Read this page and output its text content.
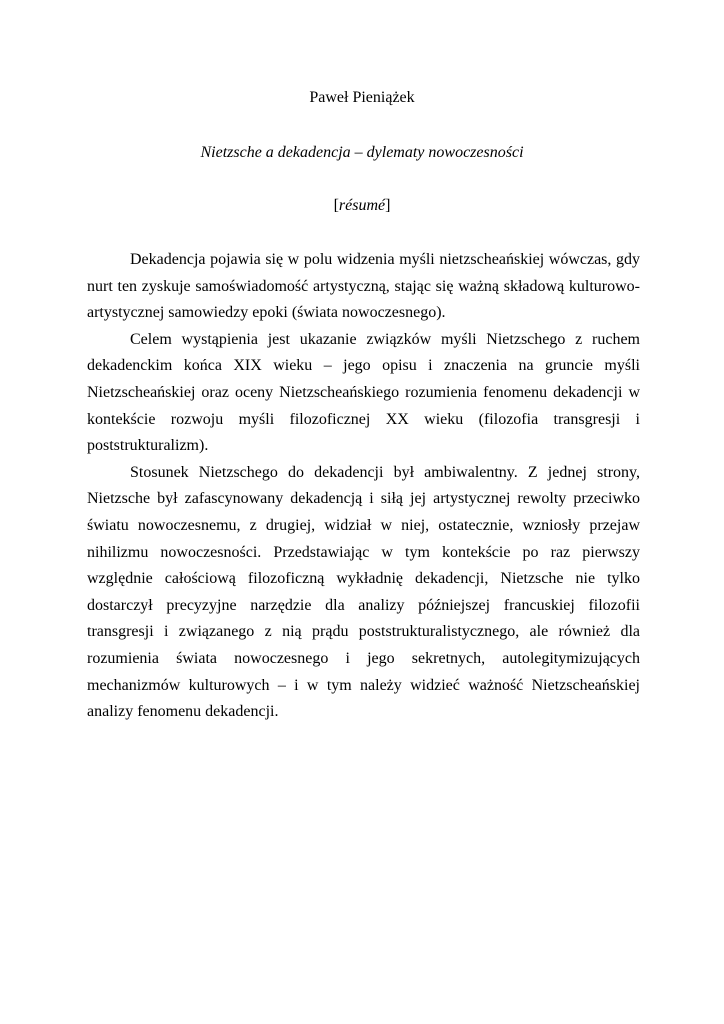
Paweł Pieniążek
Nietzsche a dekadencja – dylematy nowoczesności
[résumé]

Dekadencja pojawia się w polu widzenia myśli nietzscheańskiej wówczas, gdy nurt ten zyskuje samoświadomość artystyczną, stając się ważną składową kulturowo-artystycznej samowiedzy epoki (świata nowoczesnego).

Celem wystąpienia jest ukazanie związków myśli Nietzschego z ruchem dekadenckim końca XIX wieku – jego opisu i znaczenia na gruncie myśli Nietzscheańskiej oraz oceny Nietzscheańskiego rozumienia fenomenu dekadencji w kontekście rozwoju myśli filozoficznej XX wieku (filozofia transgresji i poststrukturalizm).

Stosunek Nietzschego do dekadencji był ambiwalentny. Z jednej strony, Nietzsche był zafascynowany dekadencją i siłą jej artystycznej rewolty przeciwko światu nowoczesnemu, z drugiej, widział w niej, ostatecznie, wzniosły przejaw nihilizmu nowoczesności. Przedstawiając w tym kontekście po raz pierwszy względnie całościową filozoficzną wykładnię dekadencji, Nietzsche nie tylko dostarczył precyzyjne narzędzie dla analizy późniejszej francuskiej filozofii transgresji i związanego z nią prądu poststrukturalistycznego, ale również dla rozumienia świata nowoczesnego i jego sekretnych, autolegitymizujących mechanizmów kulturowych – i w tym należy widzieć ważność Nietzscheańskiej analizy fenomenu dekadencji.
